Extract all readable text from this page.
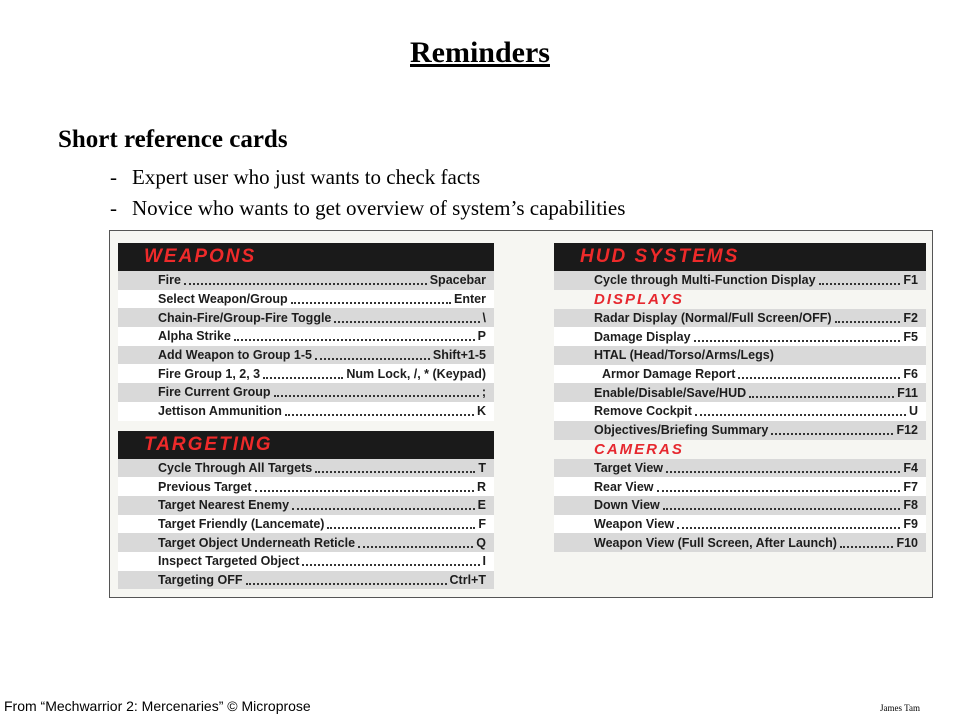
Reminders
Short reference cards
- Expert user who just wants to check facts
- Novice who wants to get overview of system’s capabilities
WEAPONS
Fire	Spacebar
Select Weapon/Group	Enter
Chain-Fire/Group-Fire Toggle	\
Alpha Strike	P
Add Weapon to Group 1-5	Shift+1-5
Fire Group 1, 2, 3	Num Lock, /, * (Keypad)
Fire Current Group	;
Jettison Ammunition	K
TARGETING
Cycle Through All Targets	T
Previous Target	R
Target Nearest Enemy	E
Target Friendly (Lancemate)	F
Target Object Underneath Reticle	Q
Inspect Targeted Object	I
Targeting OFF	Ctrl+T
HUD SYSTEMS
Cycle through Multi-Function Display	F1
DISPLAYS
Radar Display (Normal/Full Screen/OFF)	F2
Damage Display	F5
HTAL (Head/Torso/Arms/Legs)
Armor Damage Report	F6
Enable/Disable/Save/HUD	F11
Remove Cockpit	U
Objectives/Briefing Summary	F12
CAMERAS
Target View	F4
Rear View	F7
Down View	F8
Weapon View	F9
Weapon View (Full Screen, After Launch)	F10
From “Mechwarrior 2: Mercenaries” © Microprose	James Tam
